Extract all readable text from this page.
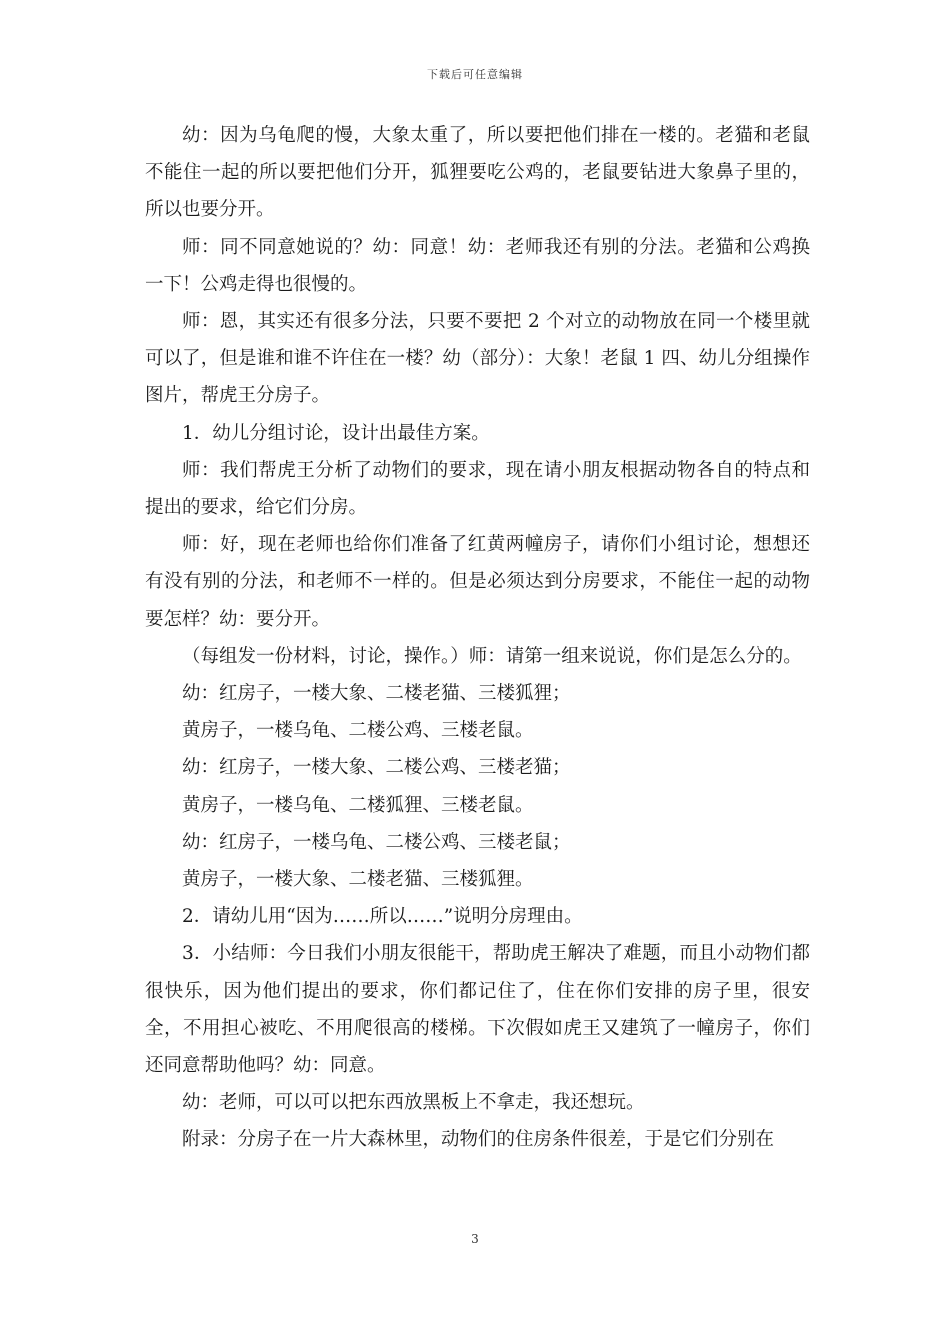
下载后可任意编辑

幼：因为乌龟爬的慢，大象太重了，所以要把他们排在一楼的。老猫和老鼠不能住一起的所以要把他们分开，狐狸要吃公鸡的，老鼠要钻进大象鼻子里的，所以也要分开。

师：同不同意她说的？幼：同意！幼：老师我还有别的分法。老猫和公鸡换一下！公鸡走得也很慢的。

师：恩，其实还有很多分法，只要不要把 2 个对立的动物放在同一个楼里就可以了，但是谁和谁不许住在一楼？幼（部分）：大象！老鼠 1 四、幼儿分组操作图片，帮虎王分房子。

1．幼儿分组讨论，设计出最佳方案。

师：我们帮虎王分析了动物们的要求，现在请小朋友根据动物各自的特点和提出的要求，给它们分房。

师：好，现在老师也给你们准备了红黄两幢房子，请你们小组讨论，想想还有没有别的分法，和老师不一样的。但是必须达到分房要求，不能住一起的动物要怎样？幼：要分开。

（每组发一份材料，讨论，操作。）师：请第一组来说说，你们是怎么分的。

幼：红房子，一楼大象、二楼老猫、三楼狐狸；

黄房子，一楼乌龟、二楼公鸡、三楼老鼠。

幼：红房子，一楼大象、二楼公鸡、三楼老猫；

黄房子，一楼乌龟、二楼狐狸、三楼老鼠。

幼：红房子，一楼乌龟、二楼公鸡、三楼老鼠；

黄房子，一楼大象、二楼老猫、三楼狐狸。

2．请幼儿用“因为……所以……”说明分房理由。

3．小结师：今日我们小朋友很能干，帮助虎王解决了难题，而且小动物们都很快乐，因为他们提出的要求，你们都记住了，住在你们安排的房子里，很安全，不用担心被吃、不用爬很高的楼梯。下次假如虎王又建筑了一幢房子，你们还同意帮助他吗？幼：同意。

幼：老师，可以可以把东西放黑板上不拿走，我还想玩。

附录：分房子在一片大森林里，动物们的住房条件很差，于是它们分别在

3
